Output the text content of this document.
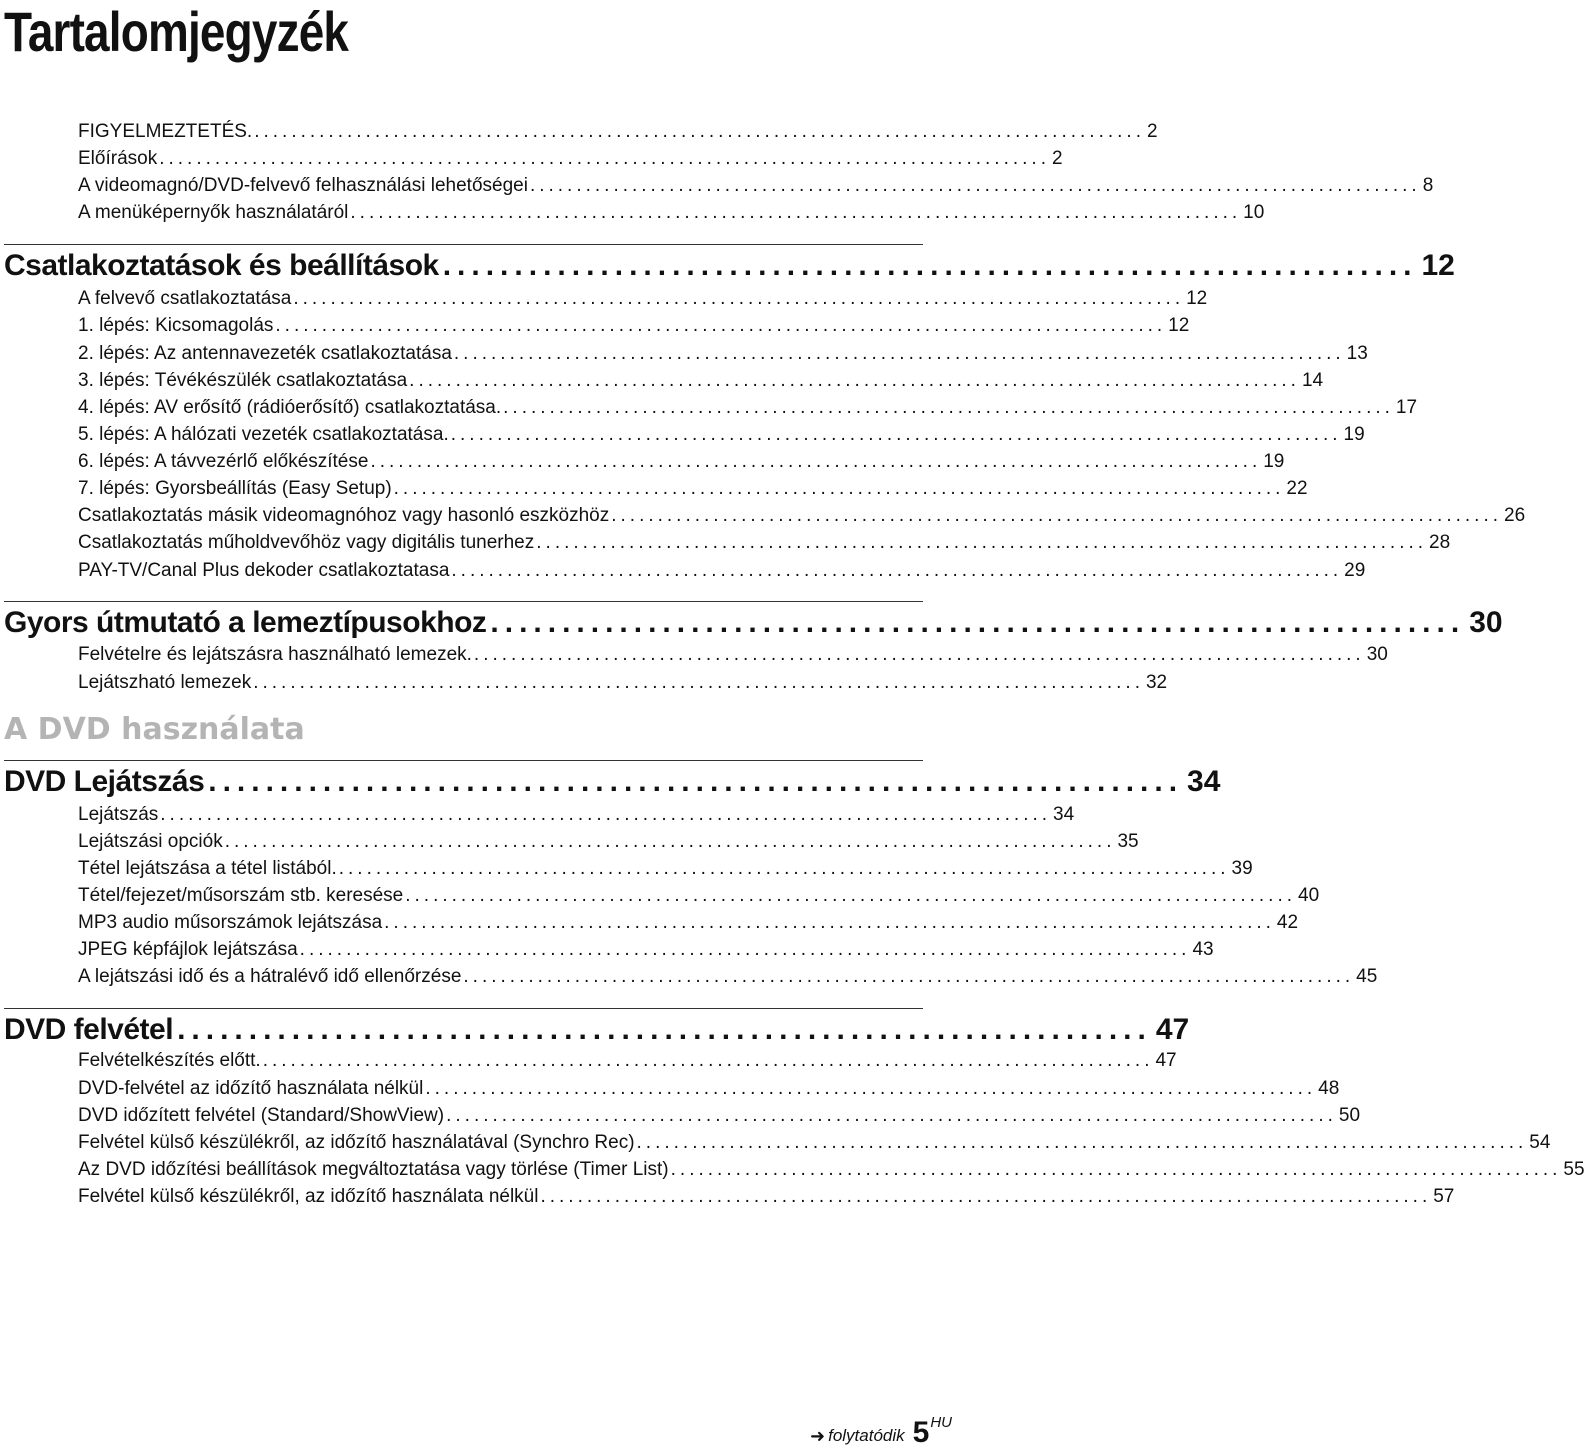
Tartalomjegyzék
FIGYELMEZTETÉS. ................................................................................................ 2
Előírások ................................................................................................ 2
A videomagnó/DVD-felvevő felhasználási lehetőségei ................................................................................................ 8
A menüképernyők használatáról ................................................................................................ 10
Csatlakoztatások és beállítások .................................................................... 12
A felvevő csatlakoztatása ................................................................................................ 12
1. lépés: Kicsomagolás ................................................................................................ 12
2. lépés: Az antennavezeték csatlakoztatása ................................................................................................ 13
3. lépés: Tévékészülék csatlakoztatása ................................................................................................ 14
4. lépés: AV erősítő (rádióerősítő) csatlakoztatása. ................................................................................................ 17
5. lépés: A hálózati vezeték csatlakoztatása. ................................................................................................ 19
6. lépés: A távvezérlő előkészítése ................................................................................................ 19
7. lépés: Gyorsbeállítás (Easy Setup) ................................................................................................ 22
Csatlakoztatás másik videomagnóhoz vagy hasonló eszközhöz ................................................................................................ 26
Csatlakoztatás műholdvevőhöz vagy digitális tunerhez ................................................................................................ 28
PAY-TV/Canal Plus dekoder csatlakoztatasa ................................................................................................ 29
Gyors útmutató a lemeztípusokhoz .................................................................... 30
Felvételre és lejátszásra használható lemezek. ................................................................................................ 30
Lejátszható lemezek ................................................................................................ 32
A DVD használata
DVD Lejátszás .................................................................... 34
Lejátszás ................................................................................................ 34
Lejátszási opciók ................................................................................................ 35
Tétel lejátszása a tétel listából. ................................................................................................ 39
Tétel/fejezet/műsorszám stb. keresése ................................................................................................ 40
MP3 audio műsorszámok lejátszása ................................................................................................ 42
JPEG képfájlok lejátszása ................................................................................................ 43
A lejátszási idő és a hátralévő idő ellenőrzése ................................................................................................ 45
DVD felvétel .................................................................... 47
Felvételkészítés előtt. ................................................................................................ 47
DVD-felvétel az időzítő használata nélkül ................................................................................................ 48
DVD időzített felvétel (Standard/ShowView) ................................................................................................ 50
Felvétel külső készülékről, az időzítő használatával (Synchro Rec) ................................................................................................ 54
Az DVD időzítési beállítások megváltoztatása vagy törlése (Timer List) ................................................................................................ 55
Felvétel külső készülékről, az időzítő használata nélkül ................................................................................................ 57
➜ folytatódik 5 HU
